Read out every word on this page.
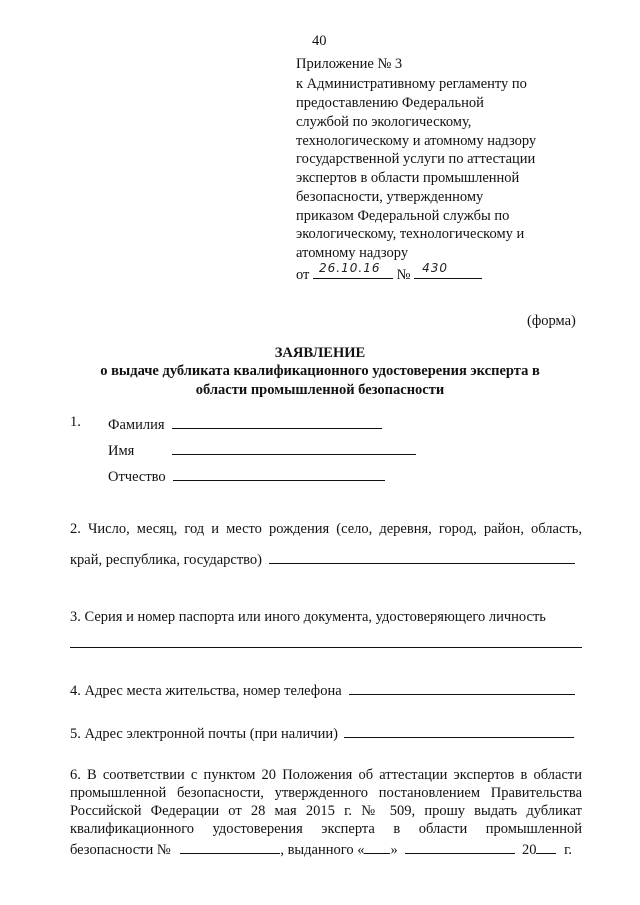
40
Приложение № 3
к Административному регламенту по
предоставлению Федеральной
службой по экологическому,
технологическому и атомному надзору
государственной услуги по аттестации
экспертов в области промышленной
безопасности, утвержденному
приказом Федеральной службы по
экологическому, технологическому и
атомному надзору
от 26.10.16 № 430
(форма)
ЗАЯВЛЕНИЕ
о выдаче дубликата квалификационного удостоверения эксперта в
области промышленной безопасности
1. Фамилия
Имя
Отчество
2. Число, месяц, год и место рождения (село, деревня, город, район, область,
край, республика, государство)
3. Серия и номер паспорта или иного документа, удостоверяющего личность
4. Адрес места жительства, номер телефона
5. Адрес электронной почты (при наличии)
6. В соответствии с пунктом 20 Положения об аттестации экспертов в области
промышленной безопасности, утвержденного постановлением Правительства
Российской Федерации от 28 мая 2015 г. № 509, прошу выдать дубликат
квалификационного удостоверения эксперта в области промышленной
безопасности №	, выданного « »	20 г.
